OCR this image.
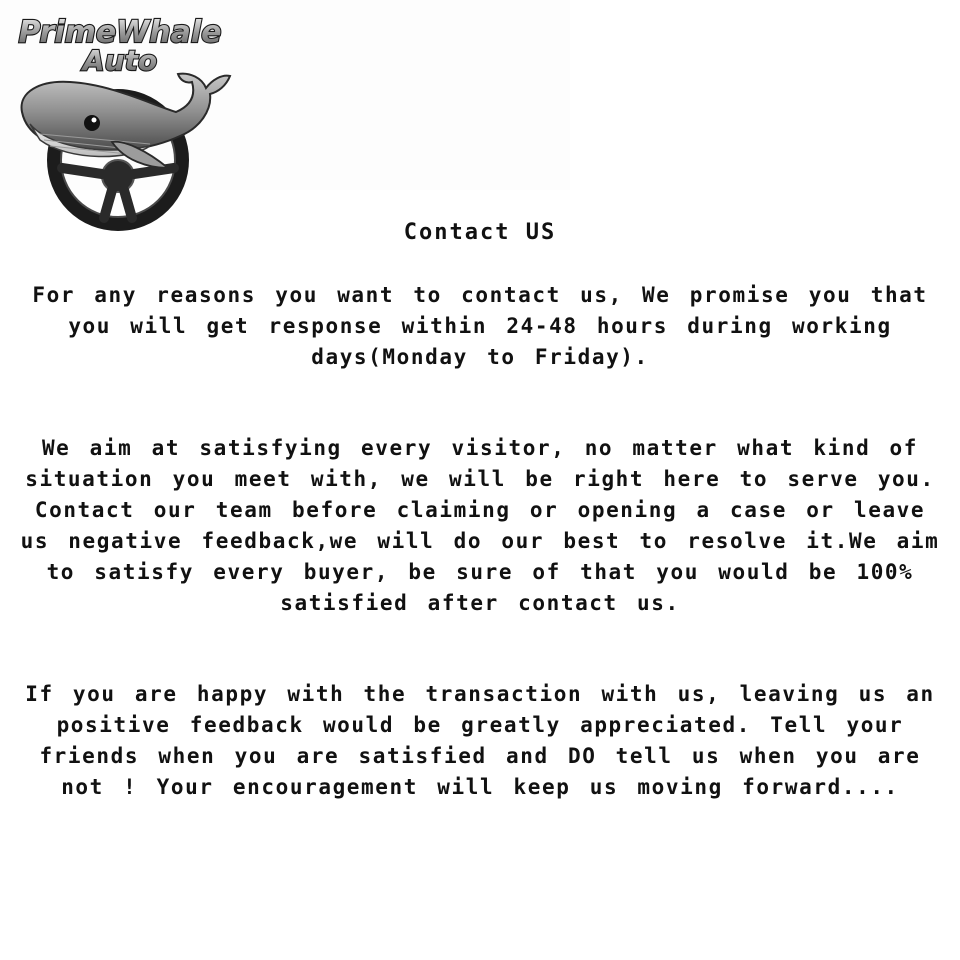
PrimeWhale
Auto
Contact US

For any reasons you want to contact us, We promise you that you will get response within 24-48 hours during working days(Monday to Friday).

We aim at satisfying every visitor, no matter what kind of situation you meet with, we will be right here to serve you. Contact our team before claiming or opening a case or leave us negative feedback,we will do our best to resolve it.We aim to satisfy every buyer, be sure of that you would be 100% satisfied after contact us.

If you are happy with the transaction with us, leaving us an positive feedback would be greatly appreciated. Tell your friends when you are satisfied and DO tell us when you are not ! Your encouragement will keep us moving forward....
